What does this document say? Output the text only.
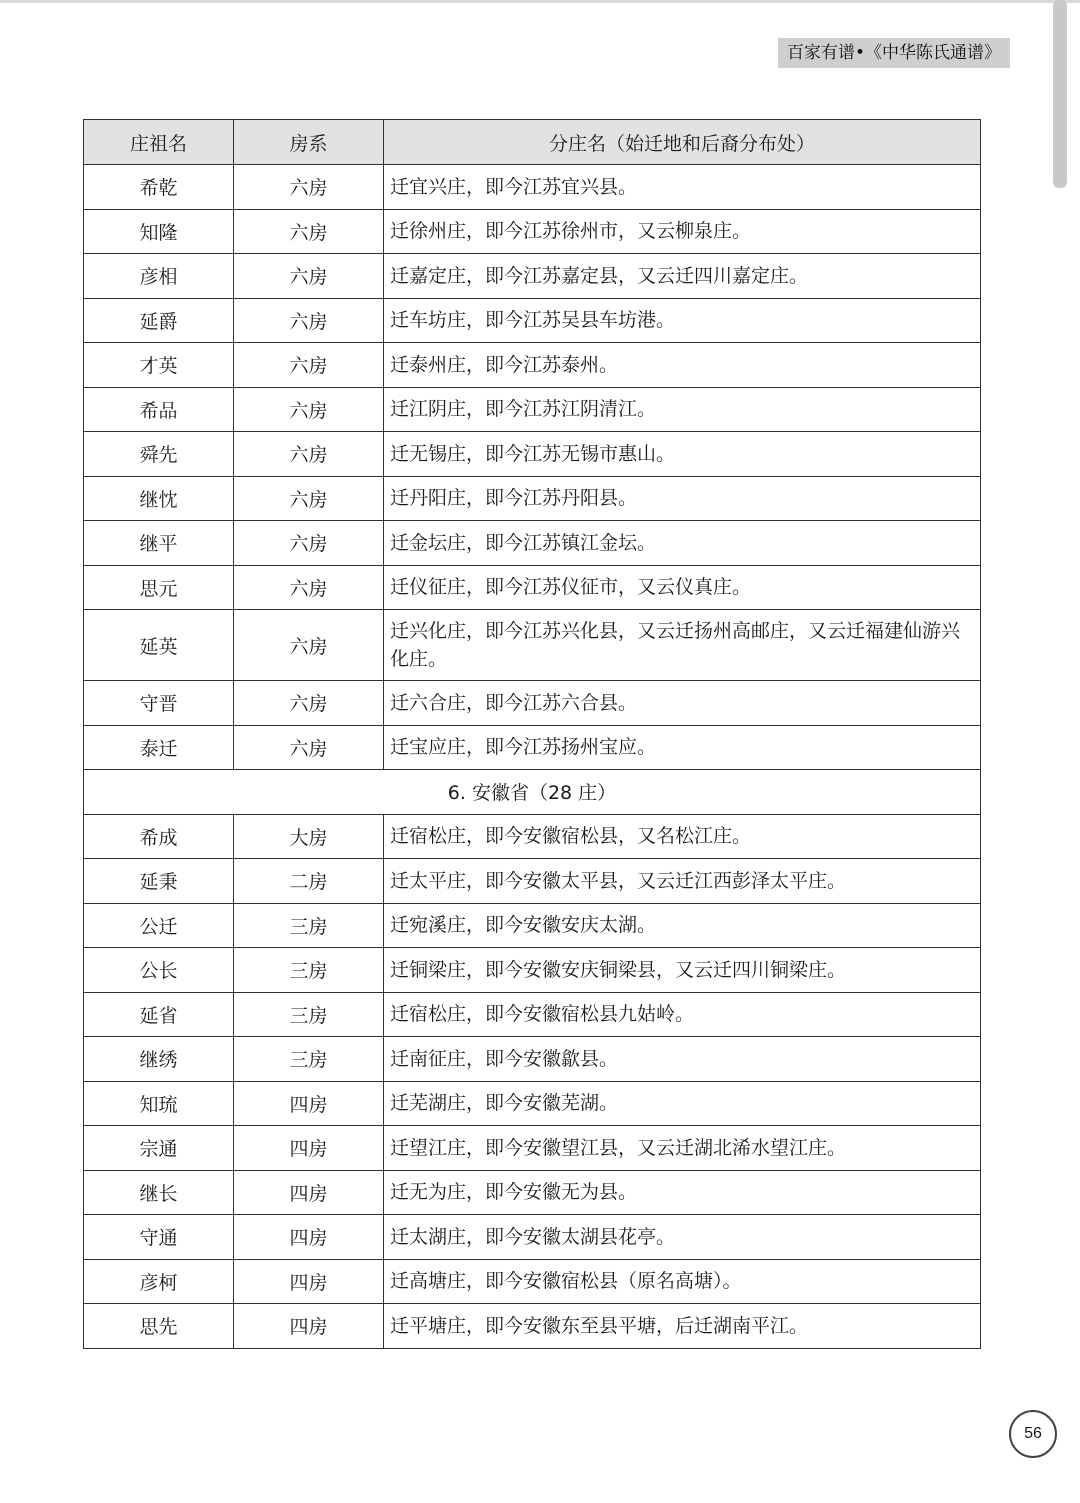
百家有谱•《中华陈氏通谱》
庄祖名	房系	分庄名（始迁地和后裔分布处）
希乾	六房	迁宜兴庄，即今江苏宜兴县。
知隆	六房	迁徐州庄，即今江苏徐州市，又云柳泉庄。
彦相	六房	迁嘉定庄，即今江苏嘉定县，又云迁四川嘉定庄。
延爵	六房	迁车坊庄，即今江苏吴县车坊港。
才英	六房	迁泰州庄，即今江苏泰州。
希品	六房	迁江阴庄，即今江苏江阴清江。
舜先	六房	迁无锡庄，即今江苏无锡市惠山。
继忱	六房	迁丹阳庄，即今江苏丹阳县。
继平	六房	迁金坛庄，即今江苏镇江金坛。
思元	六房	迁仪征庄，即今江苏仪征市，又云仪真庄。
延英	六房	迁兴化庄，即今江苏兴化县，又云迁扬州高邮庄，又云迁福建仙游兴化庄。
守晋	六房	迁六合庄，即今江苏六合县。
泰迁	六房	迁宝应庄，即今江苏扬州宝应。
6. 安徽省（28 庄）		
希成	大房	迁宿松庄，即今安徽宿松县，又名松江庄。
延秉	二房	迁太平庄，即今安徽太平县，又云迁江西彭泽太平庄。
公迁	三房	迁宛溪庄，即今安徽安庆太湖。
公长	三房	迁铜梁庄，即今安徽安庆铜梁县，又云迁四川铜梁庄。
延省	三房	迁宿松庄，即今安徽宿松县九姑岭。
继绣	三房	迁南征庄，即今安徽歙县。
知琉	四房	迁芜湖庄，即今安徽芜湖。
宗通	四房	迁望江庄，即今安徽望江县，又云迁湖北浠水望江庄。
继长	四房	迁无为庄，即今安徽无为县。
守通	四房	迁太湖庄，即今安徽太湖县花亭。
彦柯	四房	迁高塘庄，即今安徽宿松县（原名高塘）。
思先	四房	迁平塘庄，即今安徽东至县平塘，后迁湖南平江。
56
